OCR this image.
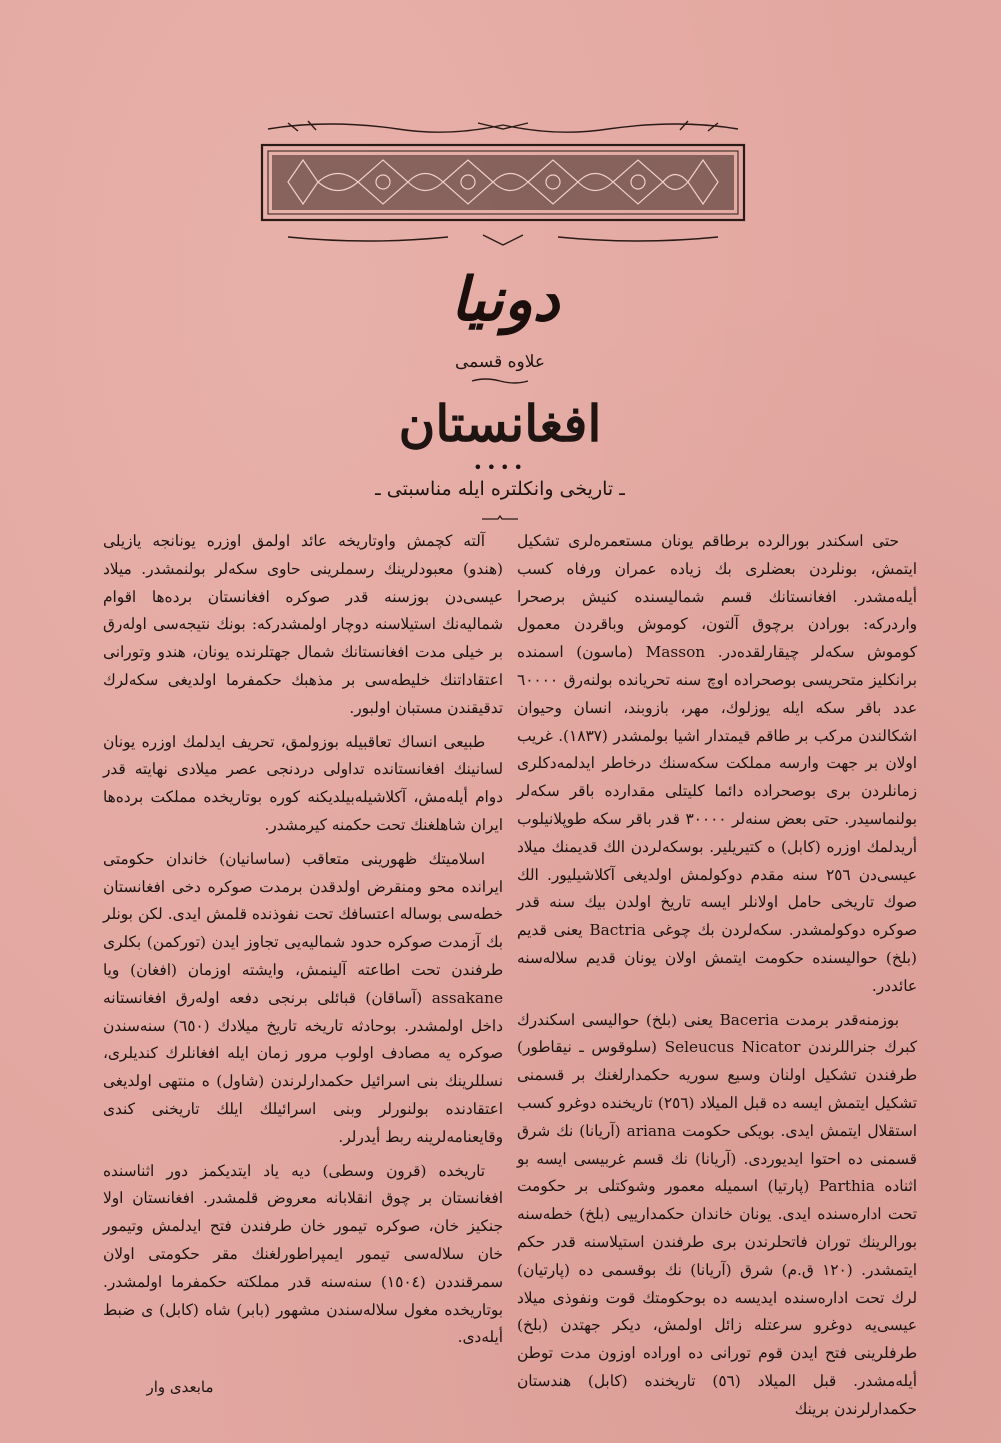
دونيا
علاوه قسمى
افغانستان
••••
ـ تاريخى وانكلتره ايله مناسبتى ـ

حتى اسكندر بورالرده برطاقم يونان مستعمره‌لرى تشكيل ايتمش، بونلردن بعضلرى بك زياده عمران ورفاه كسب أيله‌مشدر. افغانستانك قسم شماليسنده كنيش برصحرا واردركه: بورادن برچوق آلتون، كوموش وباقردن معمول كوموش سكه‌لر چيقارلقده‌در. Masson (ماسون) اسمنده برانكليز متحريسى بوصحراده اوچ سنه تحريانده بولنه‌رق ٦٠٠٠٠ عدد باقر سكه ايله يوزلوك، مهر، بازوبند، انسان وحيوان اشكالندن مركب بر طاقم قيمتدار اشيا بولمشدر (١٨٣٧). غريب اولان بر جهت وارسه مملكت سكه‌سنك درخاطر ايدلمه‌دكلرى زمانلردن برى بوصحراده دائما كليتلى مقدارده باقر سكه‌لر بولنماسيدر. حتى بعض سنه‌لر ٣٠٠٠٠ قدر باقر سكه طوپلانيلوب أريدلمك اوزره (كابل) ه كتيريلير. بوسكه‌لردن الك قديمنك ميلاد عيسى‌دن ٢٥٦ سنه مقدم دوكولمش اولديغى آكلاشيليور. الك صوك تاريخى حامل اولانلر ايسه تاريخ اولدن بيك سنه قدر صوكره دوكولمشدر. سكه‌لردن بك چوغى Bactria يعنى قديم (بلخ) حواليسنده حكومت ايتمش اولان يونان قديم سلاله‌سنه عائددر.

بوزمنه‌قدر برمدت Baceria يعنى (بلخ) حواليسى اسكندرك كبرك جنراللرندن Seleucus Nicator (سلوقوس ـ نيقاطور) طرفندن تشكيل اولنان وسيع سوريه حكمدارلغنك بر قسمنى تشكيل ايتمش ايسه ده قبل الميلاد (٢٥٦) تاريخنده دوغرو كسب استقلال ايتمش ايدى. بويكى حكومت ariana (آريانا) نك شرق قسمنى ده احتوا ايديوردى. (آريانا) نك قسم غربيسى ايسه بو اثناده Parthia (پارتيا) اسميله معمور وشوكتلى بر حكومت تحت اداره‌سنده ايدى. يونان خاندان حكمدارييى (بلخ) خطه‌سنه بورالرينك توران فاتحلرندن برى طرفندن استيلاسنه قدر حكم ايتمشدر. (١٢٠ ق.م) شرق (آريانا) نك بوقسمى ده (پارتيان) لرك تحت اداره‌سنده ايديسه ده بوحكومتك قوت ونفوذى ميلاد عيسى‌يه دوغرو سرعتله زائل اولمش، ديكر جهتدن (بلخ) طرفلرينى فتح ايدن قوم تورانى ده اوراده اوزون مدت توطن أيله‌مشدر. قبل الميلاد (٥٦) تاريخنده (كابل) هندستان حكمدارلرندن برينك

آلته كچمش واوتاريخه عائد اولمق اوزره يونانجه يازيلى (هندو) معبودلرينك رسملرينى حاوى سكه‌لر بولنمشدر. ميلاد عيسى‌دن بوزسنه قدر صوكره افغانستان برده‌ها اقوام شماليه‌نك استيلاسنه دوچار اولمشدركه: بونك نتيجه‌سى اوله‌رق بر خيلى مدت افغانستانك شمال جهتلرنده يونان، هندو وتورانى اعتقاداتنك خليطه‌سى بر مذهبك حكمفرما اولديغى سكه‌لرك تدقيقندن مستبان اولبور.

طبيعى انساك تعاقبيله بوزولمق، تحريف ايدلمك اوزره يونان لسانينك افغانستانده تداولى دردنجى عصر ميلادى نهايته قدر دوام أيله‌مش، آكلاشيله‌بيلديكنه كوره بوتاريخده مملكت برده‌ها ايران شاهلغنك تحت حكمنه كيرمشدر.

اسلاميتك ظهورينى متعاقب (ساسانيان) خاندان حكومتى ايرانده محو ومنقرض اولدقدن برمدت صوكره دخى افغانستان خطه‌سى بوساله اعتسافك تحت نفوذنده قلمش ايدى. لكن بونلر بك آزمدت صوكره حدود شماليه‌يى تجاوز ايدن (توركمن) بكلرى طرفندن تحت اطاعته آلينمش، وايشته اوزمان (افغان) ويا assakane (آساقان) قبائلى برنجى دفعه اوله‌رق افغانستانه داخل اولمشدر. بوحادثه تاريخه تاريخ ميلادك (٦٥٠) سنه‌سندن صوكره يه مصادف اولوب مرور زمان ايله افغانلرك كنديلرى، نسللرينك بنى اسرائيل حكمدارلرندن (شاول) ه منتهى اولديغى اعتقادنده بولنورلر وبنى اسرائيلك ايلك تاريخنى كندى وقايعنامه‌لرينه ربط أيدرلر.

تاريخده (قرون وسطى) ديه ياد ايتديكمز دور اثناسنده افغانستان بر چوق انقلابانه معروض قلمشدر. افغانستان اولا جنكيز خان، صوكره تيمور خان طرفندن فتح ايدلمش وتيمور خان سلاله‌سى تيمور ايمپراطورلغنك مقر حكومتى اولان سمرقنددن (١٥٠٤) سنه‌سنه قدر مملكته حكمفرما اولمشدر. بوتاريخده مغول سلاله‌سندن مشهور (بابر) شاه (كابل) ى ضبط أيله‌دى.

مابعدى وار
